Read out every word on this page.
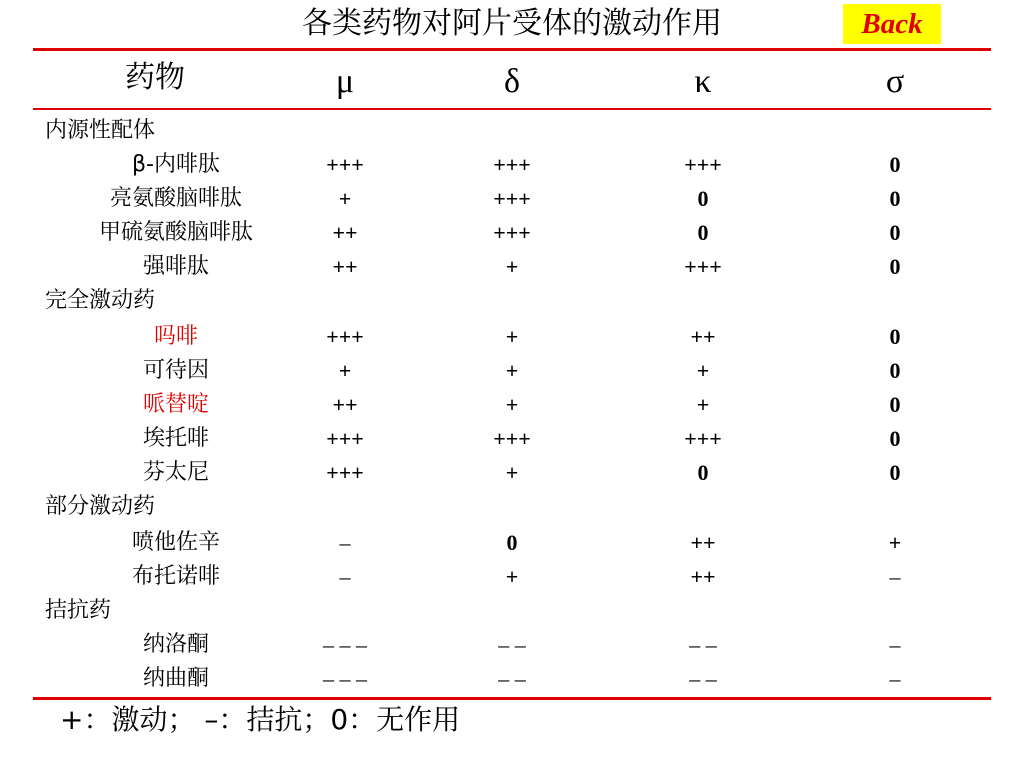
各类药物对阿片受体的激动作用	Back
药物	μ	δ	κ	σ
内源性配体
β-内啡肽	+++	+++	+++	0
亮氨酸脑啡肽	+	+++	0	0
甲硫氨酸脑啡肽	++	+++	0	0
强啡肽	++	+	+++	0
完全激动药
吗啡	+++	+	++	0
可待因	+	+	+	0
哌替啶	++	+	+	0
埃托啡	+++	+++	+++	0
芬太尼	+++	+	0	0
部分激动药
喷他佐辛	–	0	++	+
布托诺啡	–	+	++	–
拮抗药
纳洛酮	– – –	– –	– –	–
纳曲酮	– – –	– –	– –	–
+：激动； –：拮抗；0：无作用
